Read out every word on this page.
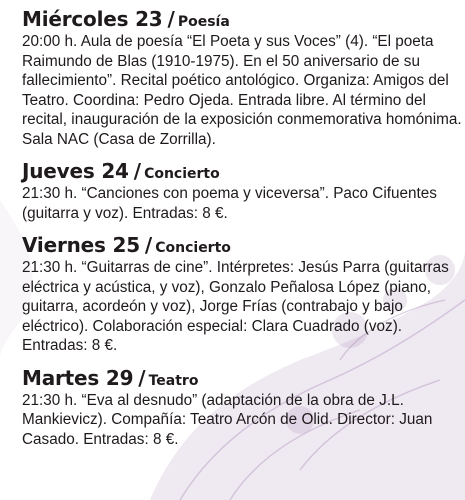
Miércoles 23 / Poesía

20:00 h. Aula de poesía “El Poeta y sus Voces” (4). “El poeta Raimundo de Blas (1910-1975). En el 50 aniversario de su fallecimiento”. Recital poético antológico. Organiza: Amigos del Teatro. Coordina: Pedro Ojeda. Entrada libre. Al término del recital, inauguración de la exposición conmemorativa homónima. Sala NAC (Casa de Zorrilla).

Jueves 24 / Concierto

21:30 h. “Canciones con poema y viceversa”. Paco Cifuentes (guitarra y voz). Entradas: 8 €.

Viernes 25 / Concierto

21:30 h. “Guitarras de cine”. Intérpretes: Jesús Parra (guitarras eléctrica y acústica, y voz), Gonzalo Peñalosa López (piano, guitarra, acordeón y voz), Jorge Frías (contrabajo y bajo eléctrico). Colaboración especial: Clara Cuadrado (voz). Entradas: 8 €.

Martes 29 / Teatro

21:30 h. “Eva al desnudo” (adaptación de la obra de J.L. Mankievicz). Compañía: Teatro Arcón de Olid. Director: Juan Casado. Entradas: 8 €.
